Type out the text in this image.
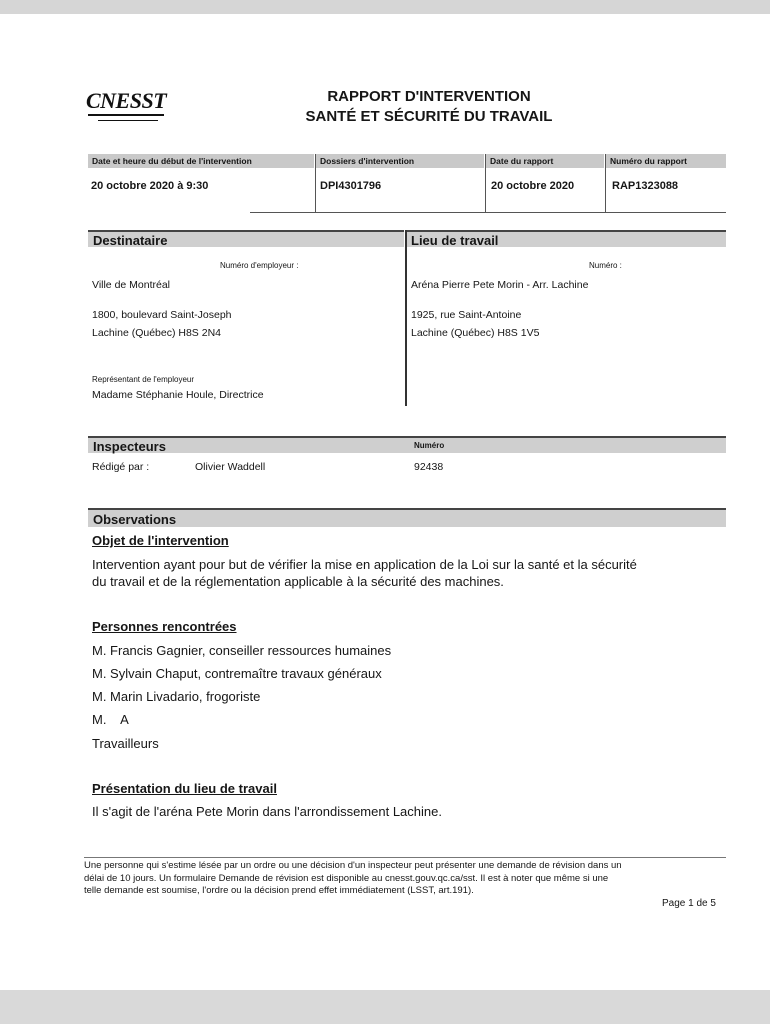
CNESST	RAPPORT D'INTERVENTION
SANTÉ ET SÉCURITÉ DU TRAVAIL
Date et heure du début de l'intervention	Dossiers d'intervention	Date du rapport	Numéro du rapport
20 octobre 2020 à 9:30	DPI4301796	20 octobre 2020	RAP1323088
Destinataire	Lieu de travail
Numéro d'employeur :	Numéro :
Ville de Montréal
1800, boulevard Saint-Joseph
Lachine (Québec) H8S 2N4
Représentant de l'employeur
Madame Stéphanie Houle, Directrice
Aréna Pierre Pete Morin - Arr. Lachine
1925, rue Saint-Antoine
Lachine (Québec) H8S 1V5
Inspecteurs	Numéro
Rédigé par :	Olivier Waddell	92438
Observations
Objet de l'intervention
Intervention ayant pour but de vérifier la mise en application de la Loi sur la santé et la sécurité
du travail et de la réglementation applicable à la sécurité des machines.
Personnes rencontrées
M. Francis Gagnier, conseiller ressources humaines
M. Sylvain Chaput, contremaître travaux généraux
M. Marin Livadario, frogoriste
M.    A
Travailleurs
Présentation du lieu de travail
Il s'agit de l'aréna Pete Morin dans l'arrondissement Lachine.
Une personne qui s'estime lésée par un ordre ou une décision d'un inspecteur peut présenter une demande de révision dans un
délai de 10 jours. Un formulaire Demande de révision est disponible au cnesst.gouv.qc.ca/sst. Il est à noter que même si une
telle demande est soumise, l'ordre ou la décision prend effet immédiatement (LSST, art.191).
Page 1 de 5
